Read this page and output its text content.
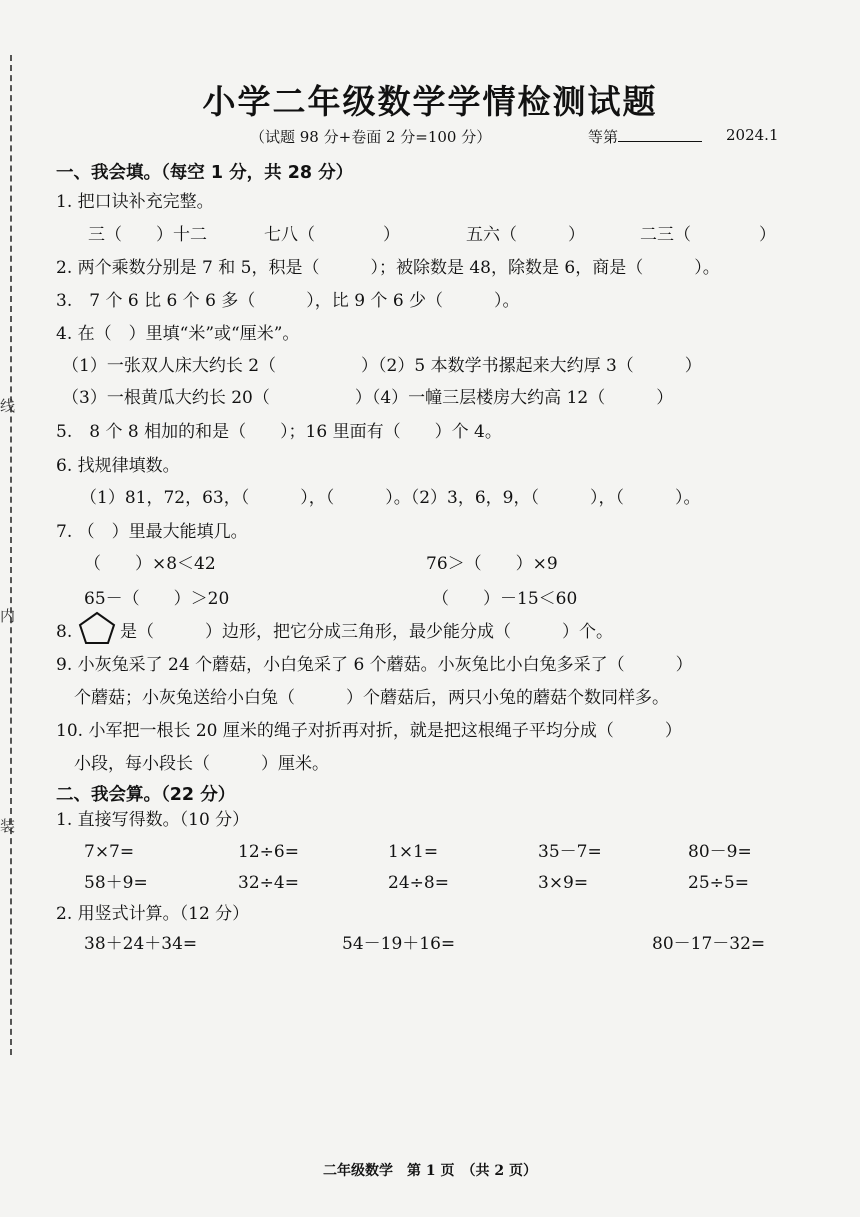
线
内
装
小学二年级数学学情检测试题
（试题 98 分+卷面 2 分=100 分）	等第	2024.1
一、我会填。（每空 1 分，共 28 分）
1. 把口诀补充完整。
三（　　）十二	七八（　　　　）	五六（　　　）	二三（　　　　）
2. 两个乘数分别是 7 和 5，积是（　　　）；被除数是 48，除数是 6，商是（　　　）。
3.　7 个 6 比 6 个 6 多（　　　），比 9 个 6 少（　　　）。
4. 在（　）里填“米”或“厘米”。
（1）一张双人床大约长 2（　　　　　）（2）5 本数学书摞起来大约厚 3（　　　）
（3）一根黄瓜大约长 20（　　　　　）（4）一幢三层楼房大约高 12（　　　）
5.　8 个 8 相加的和是（　　）；16 里面有（　　）个 4。
6. 找规律填数。
（1）81，72，63，（　　　），（　　　）。（2）3，6，9，（　　　），（　　　）。
7. （　）里最大能填几。
（　　）×8＜42	76＞（　　）×9
65－（　　）＞20	（　　）－15＜60
8.	是（　　　）边形，把它分成三角形，最少能分成（　　　）个。
9. 小灰兔采了 24 个蘑菇，小白兔采了 6 个蘑菇。小灰兔比小白兔多采了（　　　）
个蘑菇；小灰兔送给小白兔（　　　）个蘑菇后，两只小兔的蘑菇个数同样多。
10. 小军把一根长 20 厘米的绳子对折再对折，就是把这根绳子平均分成（　　　）
小段，每小段长（　　　）厘米。
二、我会算。（22 分）
1. 直接写得数。（10 分）
7×7=	12÷6=	1×1=	35－7=	80－9=
58＋9=	32÷4=	24÷8=	3×9=	25÷5=
2. 用竖式计算。（12 分）
38＋24＋34=	54－19＋16=	80－17－32=
二年级数学　第 1 页　（共 2 页）
